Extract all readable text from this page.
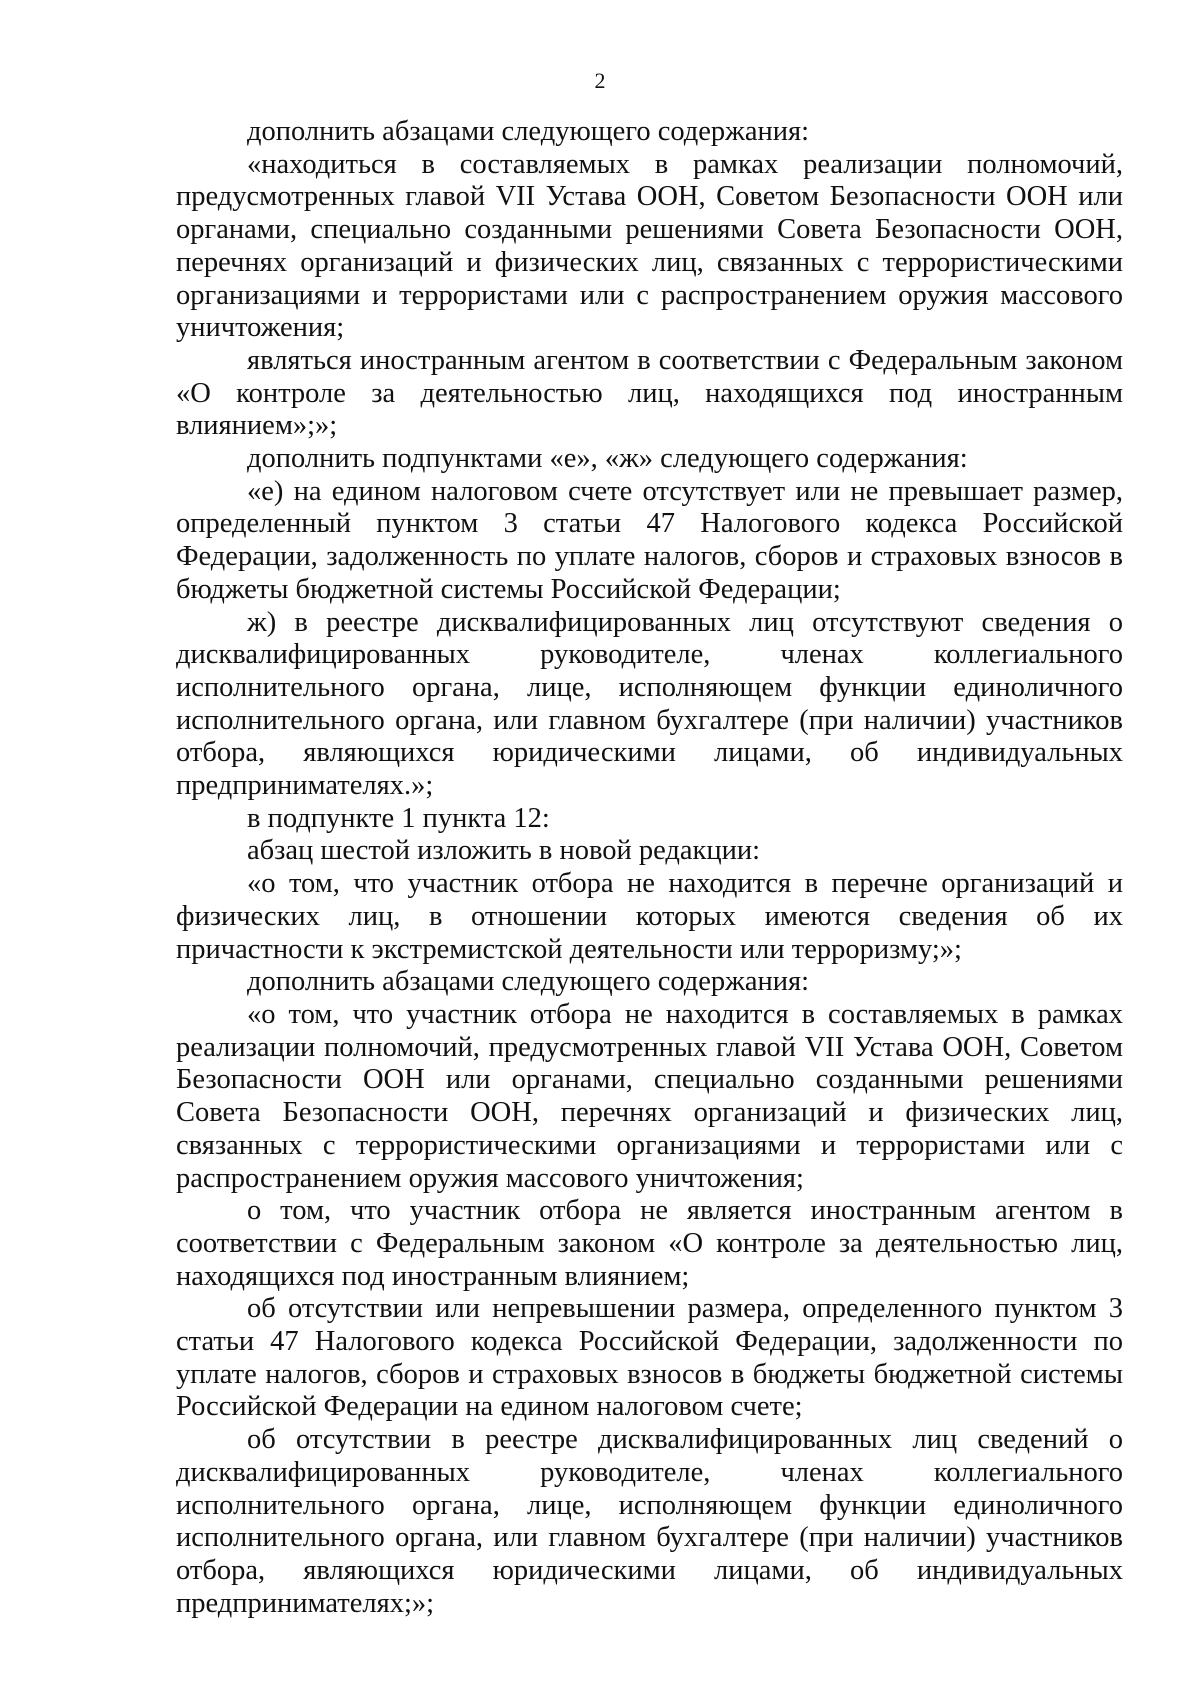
2

дополнить абзацами следующего содержания:

«находиться в составляемых в рамках реализации полномочий, предусмотренных главой VII Устава ООН, Советом Безопасности ООН или органами, специально созданными решениями Совета Безопасности ООН, перечнях организаций и физических лиц, связанных с террористическими организациями и террористами или с распространением оружия массового уничтожения;

являться иностранным агентом в соответствии с Федеральным законом «О контроле за деятельностью лиц, находящихся под иностранным влиянием»;»;

дополнить подпунктами «е», «ж» следующего содержания:

«е) на едином налоговом счете отсутствует или не превышает размер, определенный пунктом 3 статьи 47 Налогового кодекса Российской Федерации, задолженность по уплате налогов, сборов и страховых взносов в бюджеты бюджетной системы Российской Федерации;

ж) в реестре дисквалифицированных лиц отсутствуют сведения о дисквалифицированных руководителе, членах коллегиального исполнительного органа, лице, исполняющем функции единоличного исполнительного органа, или главном бухгалтере (при наличии) участников отбора, являющихся юридическими лицами, об индивидуальных предпринимателях.»;

в подпункте 1 пункта 12:

абзац шестой изложить в новой редакции:

«о том, что участник отбора не находится в перечне организаций и физических лиц, в отношении которых имеются сведения об их причастности к экстремистской деятельности или терроризму;»;

дополнить абзацами следующего содержания:

«о том, что участник отбора не находится в составляемых в рамках реализации полномочий, предусмотренных главой VII Устава ООН, Советом Безопасности ООН или органами, специально созданными решениями Совета Безопасности ООН, перечнях организаций и физических лиц, связанных с террористическими организациями и террористами или с распространением оружия массового уничтожения;

о том, что участник отбора не является иностранным агентом в соответствии с Федеральным законом «О контроле за деятельностью лиц, находящихся под иностранным влиянием;

об отсутствии или непревышении размера, определенного пунктом 3 статьи 47 Налогового кодекса Российской Федерации, задолженности по уплате налогов, сборов и страховых взносов в бюджеты бюджетной системы Российской Федерации на едином налоговом счете;

об отсутствии в реестре дисквалифицированных лиц сведений о дисквалифицированных руководителе, членах коллегиального исполнительного органа, лице, исполняющем функции единоличного исполнительного органа, или главном бухгалтере (при наличии) участников отбора, являющихся юридическими лицами, об индивидуальных предпринимателях;»;
